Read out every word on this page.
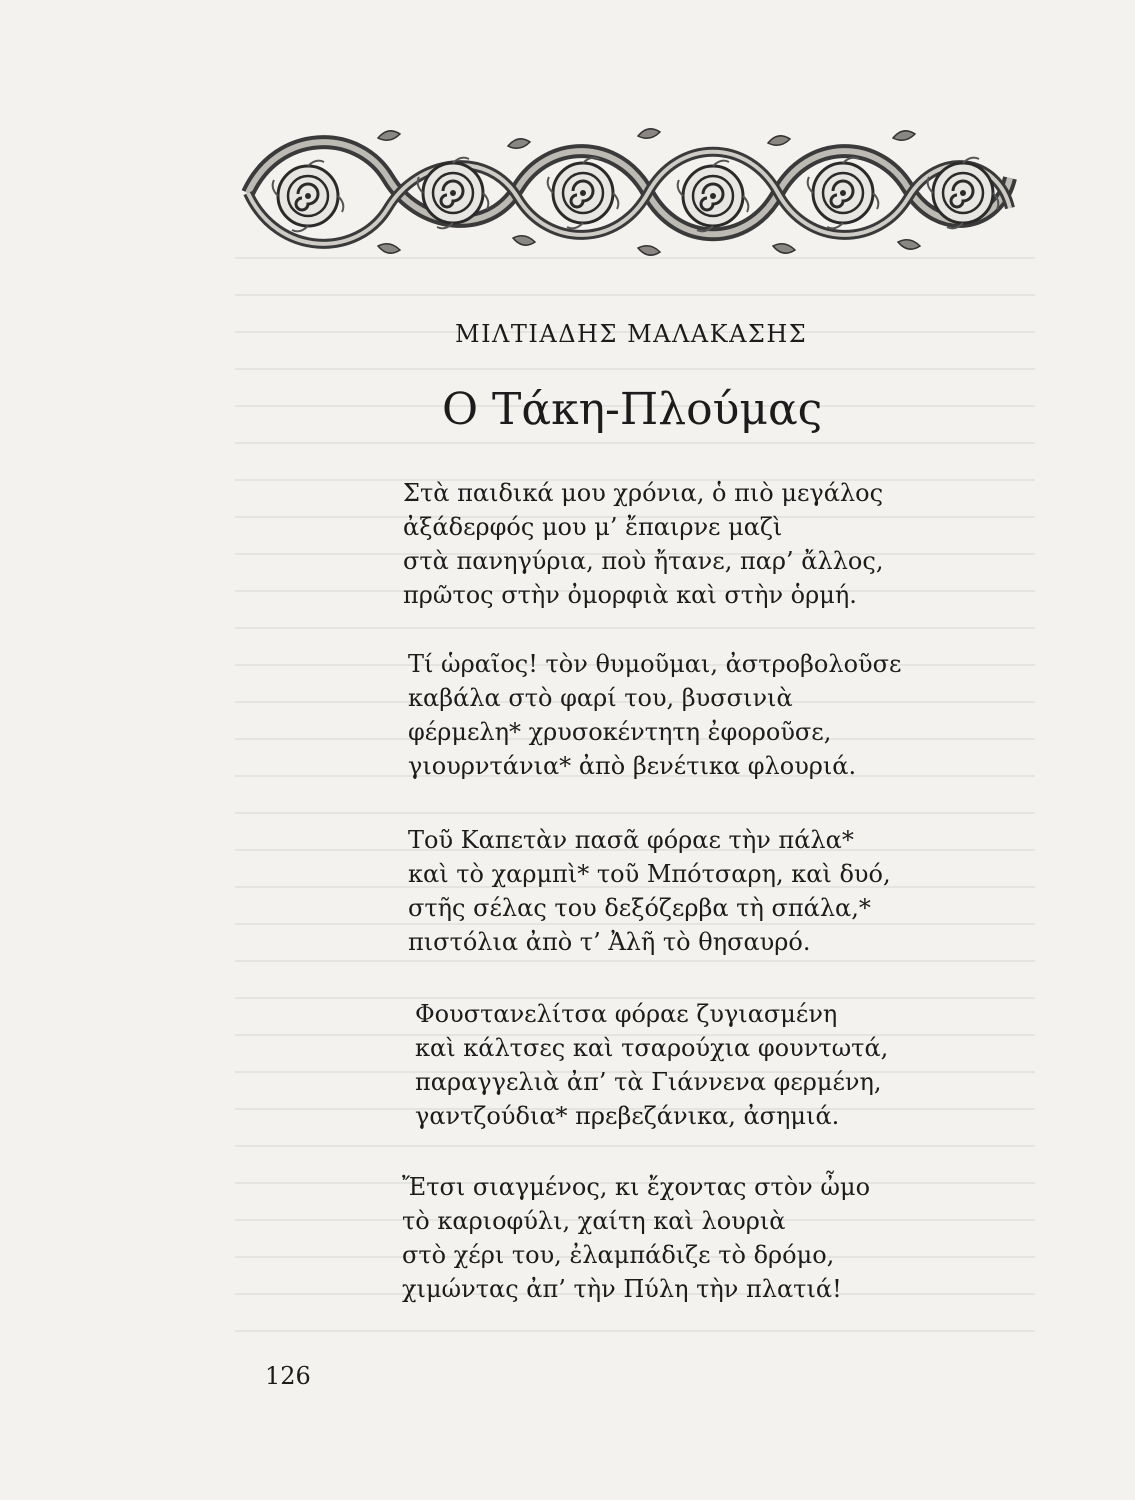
ΜΙΛΤΙΑΔΗΣ ΜΑΛΑΚΑΣΗΣ
Ο Τάκη-Πλούμας
Στὰ παιδικά μου χρόνια, ὁ πιὸ μεγάλος
ἀξάδερφός μου μ’ ἔπαιρνε μαζὶ
στὰ πανηγύρια, ποὺ ἤτανε, παρ’ ἄλλος,
πρῶτος στὴν ὀμορφιὰ καὶ στὴν ὁρμή.
Τί ὡραῖος! τὸν θυμοῦμαι, ἀστροβολοῦσε
καβάλα στὸ φαρί του, βυσσινιὰ
φέρμελη* χρυσοκέντητη ἐφοροῦσε,
γιουρντάνια* ἀπὸ βενέτικα φλουριά.
Τοῦ Καπετὰν πασᾶ φόραε τὴν πάλα*
καὶ τὸ χαρμπὶ* τοῦ Μπότσαρη, καὶ δυό,
στῆς σέλας του δεξόζερβα τὴ σπάλα,*
πιστόλια ἀπὸ τ’ Ἀλῆ τὸ θησαυρό.
Φουστανελίτσα φόραε ζυγιασμένη
καὶ κάλτσες καὶ τσαρούχια φουντωτά,
παραγγελιὰ ἀπ’ τὰ Γιάννενα φερμένη,
γαντζούδια* πρεβεζάνικα, ἀσημιά.
Ἔτσι σιαγμένος, κι ἔχοντας στὸν ὦμο
τὸ καριοφύλι, χαίτη καὶ λουριὰ
στὸ χέρι του, ἐλαμπάδιζε τὸ δρόμο,
χιμώντας ἀπ’ τὴν Πύλη τὴν πλατιά!
126
